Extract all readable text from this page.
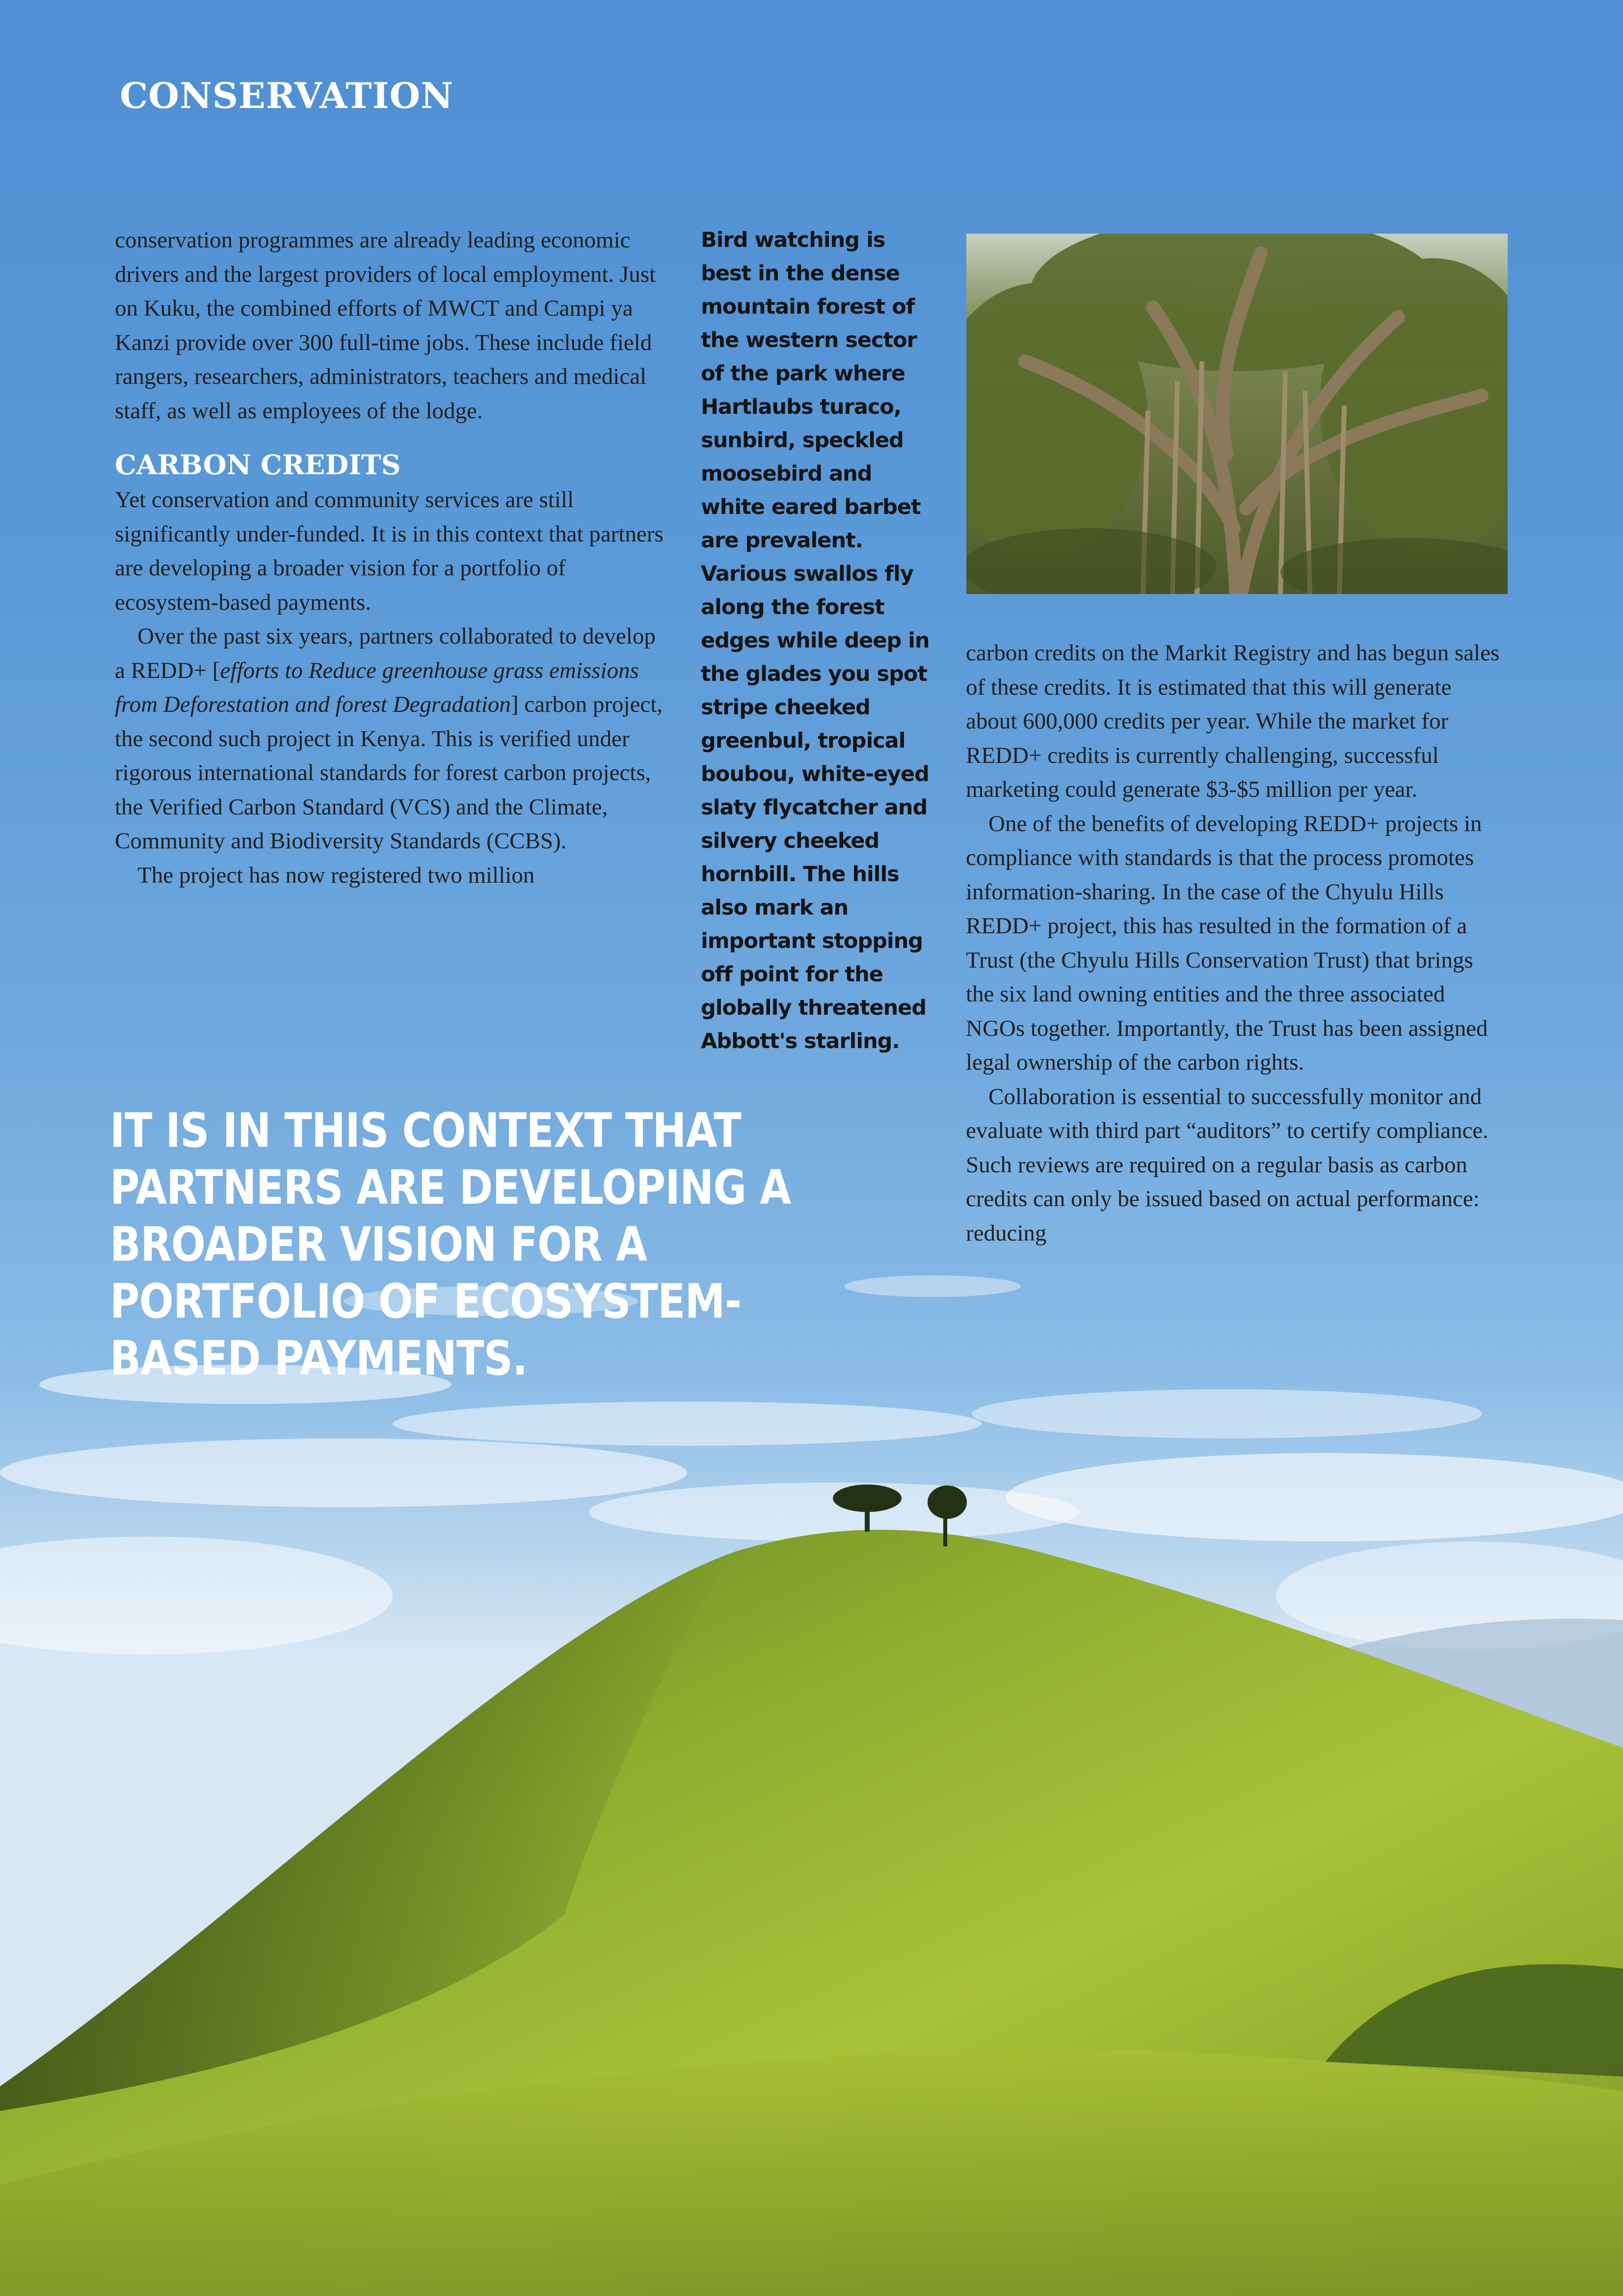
CONSERVATION

conservation programmes are already leading economic drivers and the largest providers of local employment. Just on Kuku, the combined efforts of MWCT and Campi ya Kanzi provide over 300 full-time jobs. These include field rangers, researchers, administrators, teachers and medical staff, as well as employees of the lodge.

CARBON CREDITS

Yet conservation and community services are still significantly under-funded. It is in this context that partners are developing a broader vision for a portfolio of ecosystem-based payments.

Over the past six years, partners collaborated to develop a REDD+ [efforts to Reduce greenhouse grass emissions from Deforestation and forest Degradation] carbon project, the second such project in Kenya. This is verified under rigorous international standards for forest carbon projects, the Verified Carbon Standard (VCS) and the Climate, Community and Biodiversity Standards (CCBS).

The project has now registered two million

Bird watching is best in the dense mountain forest of the western sector of the park where Hartlaubs turaco, sunbird, speckled moosebird and white eared barbet are prevalent. Various swallos fly along the forest edges while deep in the glades you spot stripe cheeked greenbul, tropical boubou, white-eyed slaty flycatcher and silvery cheeked hornbill. The hills also mark an important stopping off point for the globally threatened Abbott's starling.

carbon credits on the Markit Registry and has begun sales of these credits. It is estimated that this will generate about 600,000 credits per year. While the market for REDD+ credits is currently challenging, successful marketing could generate $3-$5 million per year.

One of the benefits of developing REDD+ projects in compliance with standards is that the process promotes information-sharing. In the case of the Chyulu Hills REDD+ project, this has resulted in the formation of a Trust (the Chyulu Hills Conservation Trust) that brings the six land owning entities and the three associated NGOs together. Importantly, the Trust has been assigned legal ownership of the carbon rights.

Collaboration is essential to successfully monitor and evaluate with third part “auditors” to certify compliance. Such reviews are required on a regular basis as carbon credits can only be issued based on actual performance: reducing

IT IS IN THIS CONTEXT THAT PARTNERS ARE DEVELOPING A BROADER VISION FOR A PORTFOLIO OF ECOSYSTEM-BASED PAYMENTS.
